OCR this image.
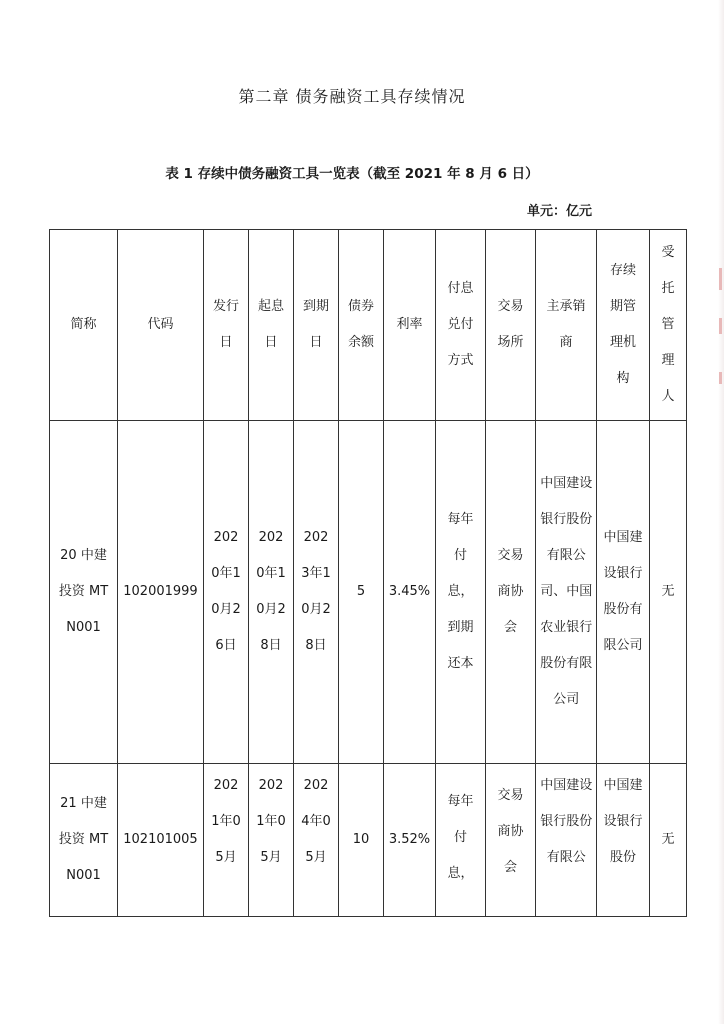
第二章 债务融资工具存续情况
表 1 存续中债务融资工具一览表（截至 2021 年 8 月 6 日）
单元：亿元
简称	代码	发行日	起息日	到期日	债券余额	利率	付息兑付方式	交易场所	主承销商	存续期管理机构	受托管理人

20 中建投资 MTN001	102001999	2020年10月26日	2020年10月28日	2023年10月28日	5	3.45%	每年付息，到期还本	交易商协会	中国建设银行股份有限公司、中国农业银行股份有限公司	中国建设银行股份有限公司	无

21 中建投资 MTN001	102101005	2021年05月	2021年05月	2024年05月	10	3.52%	每年付息，	交易商协会	中国建设银行股份有限公	中国建设银行股份	无
